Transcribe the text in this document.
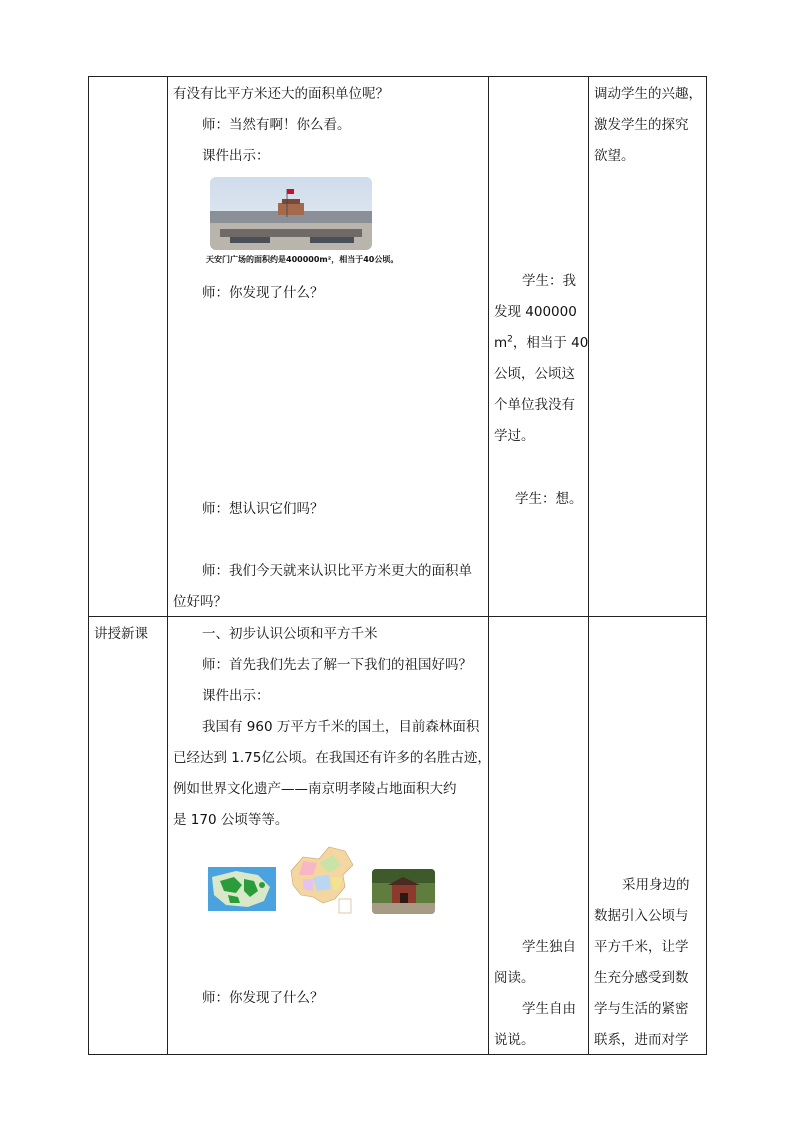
有没有比平方米还大的面积单位呢？
师：当然有啊！你么看。
课件出示：
天安门广场的面积约是400000m²，相当于40公顷。
师：你发现了什么？
师：想认识它们吗？
师：我们今天就来认识比平方米更大的面积单
位好吗？
学生：我
发现 400000
$m^2$，相当于 40
公顷，公顷这
个单位我没有
学过。
学生：想。
调动学生的兴趣，
激发学生的探究
欲望。
讲授新课	一、初步认识公顷和平方千米
师：首先我们先去了解一下我们的祖国好吗？
课件出示：
我国有 960 万平方千米的国土，目前森林面积
已经达到 1.75亿公顷。在我国还有许多的名胜古迹，
例如世界文化遗产——南京明孝陵占地面积大约
是 170 公顷等等。
师：你发现了什么？
学生独自
阅读。
学生自由
说说。
采用身边的
数据引入公顷与
平方千米，让学
生充分感受到数
学与生活的紧密
联系，进而对学
